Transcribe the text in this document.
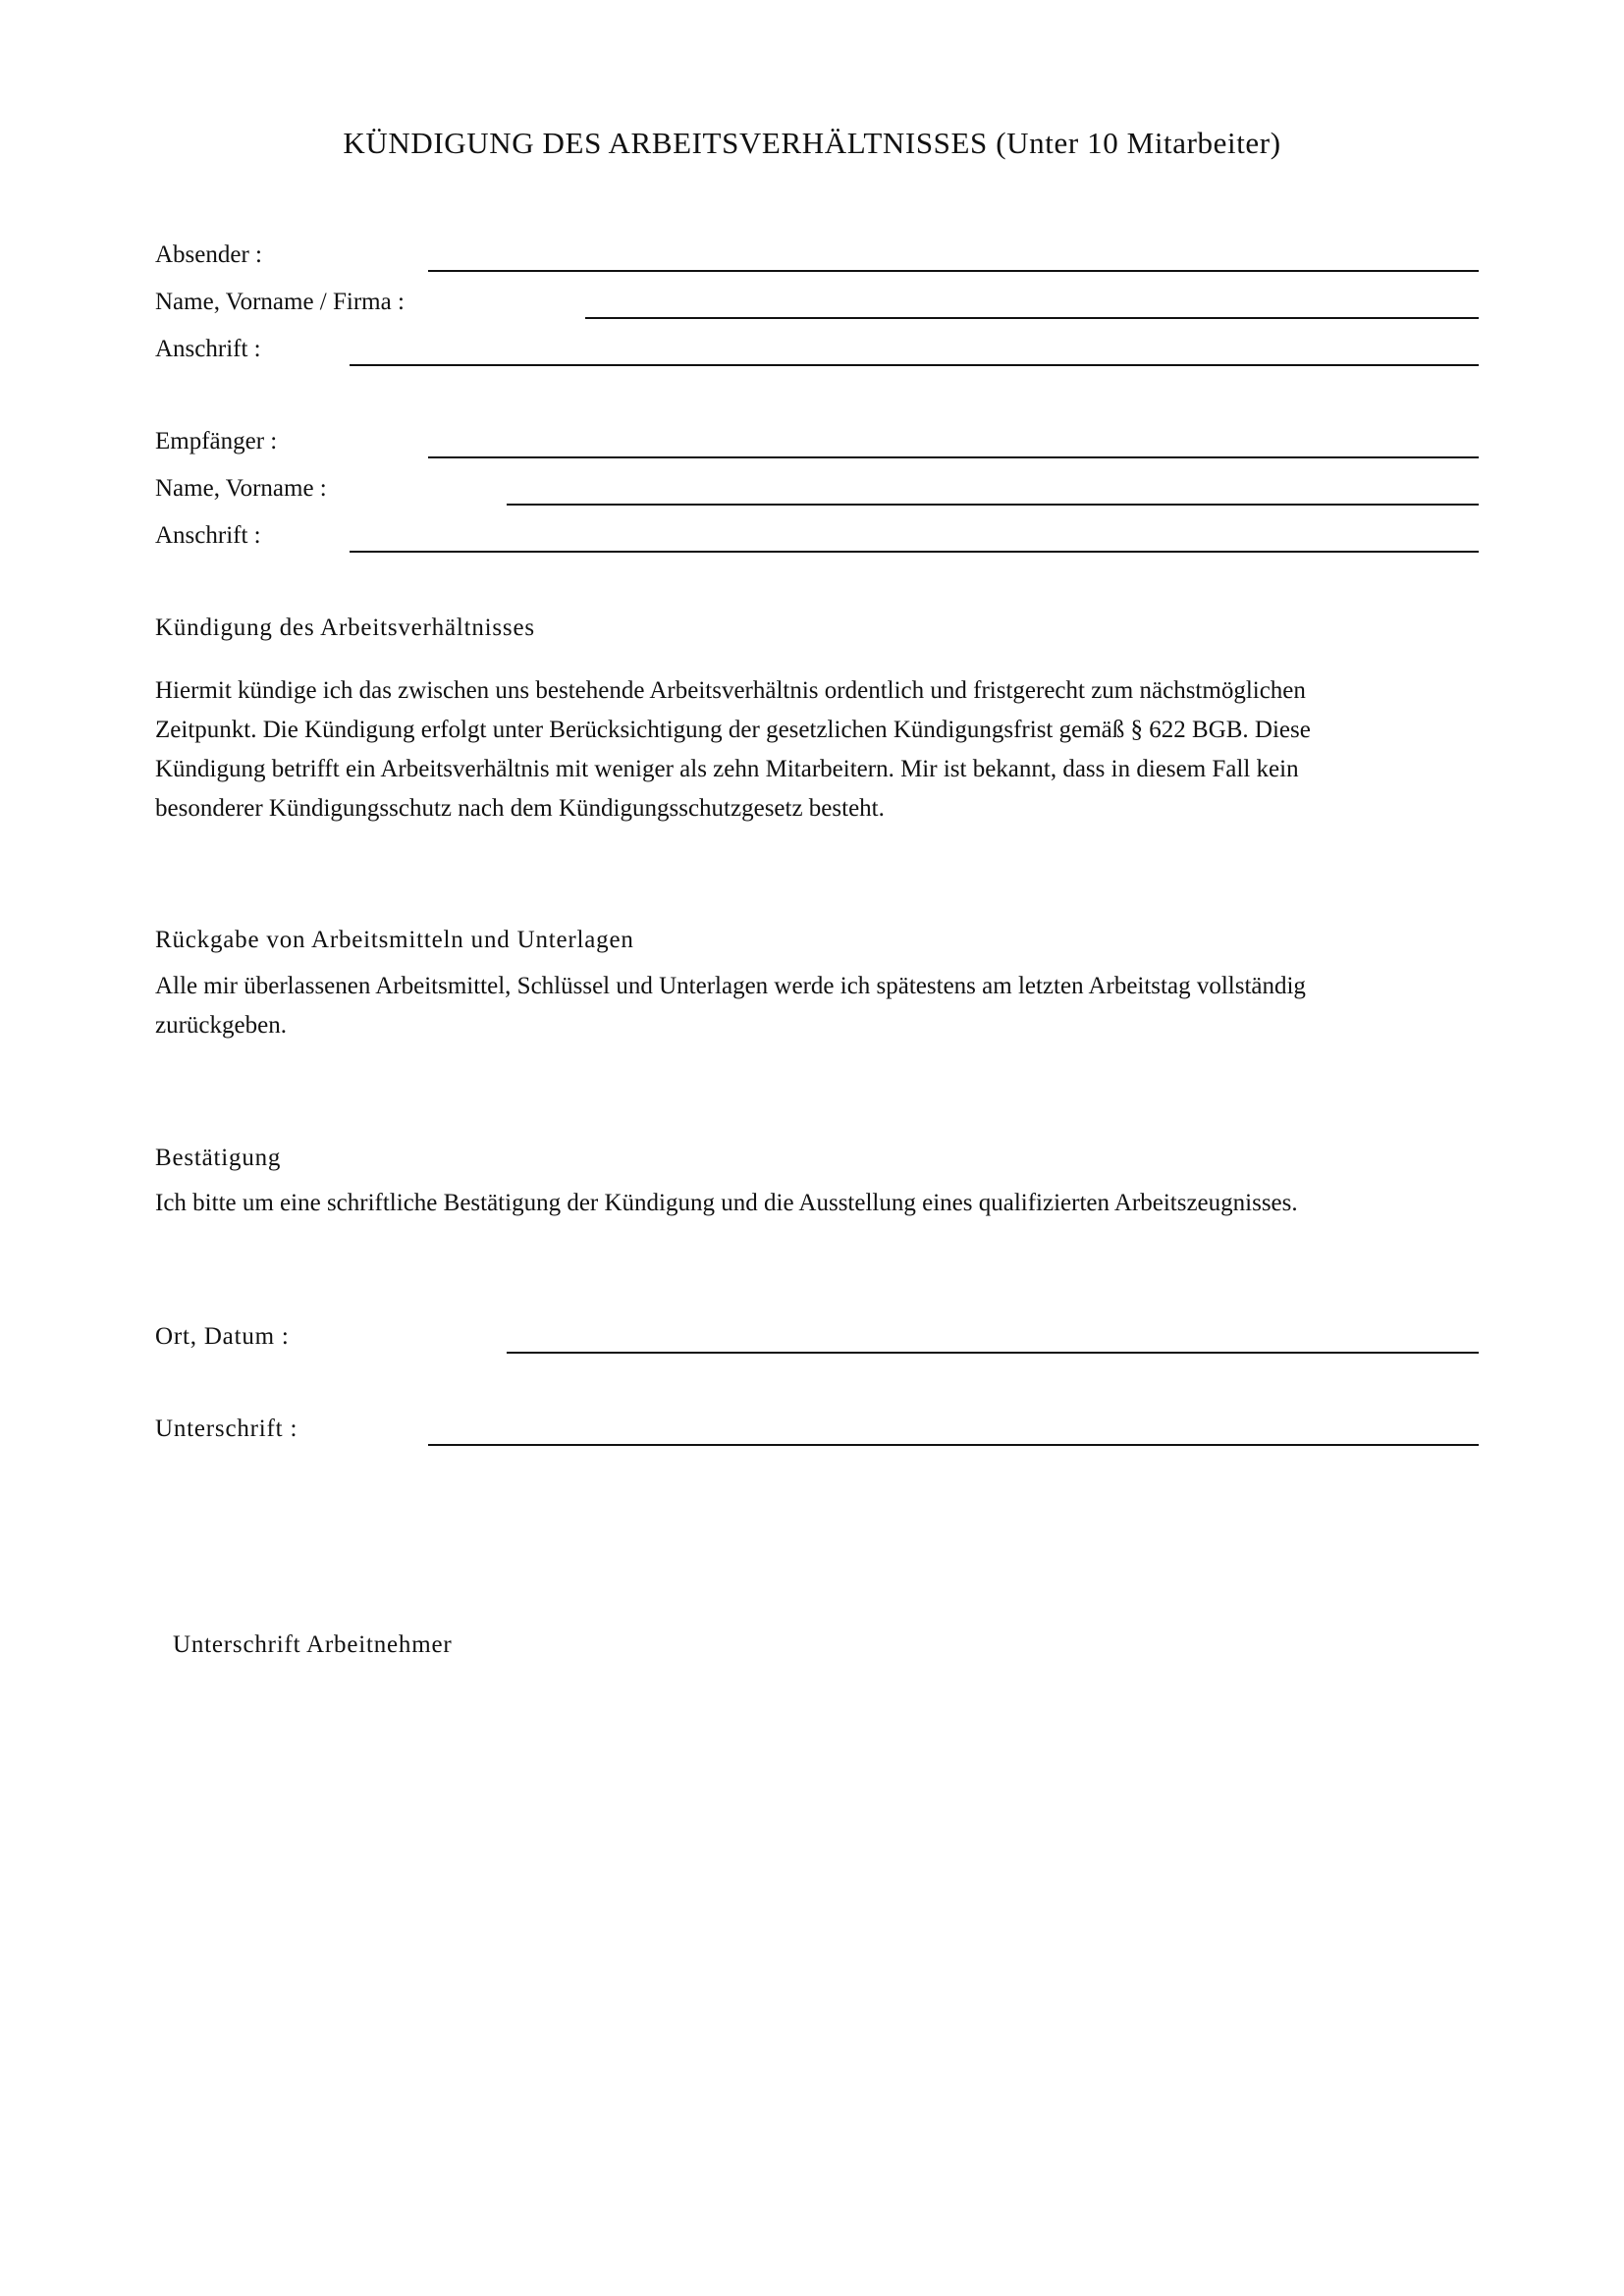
KÜNDIGUNG DES ARBEITSVERHÄLTNISSES (Unter 10 Mitarbeiter)
Absender :
Name, Vorname / Firma :
Anschrift :
Empfänger :
Name, Vorname :
Anschrift :
Kündigung des Arbeitsverhältnisses
Hiermit kündige ich das zwischen uns bestehende Arbeitsverhältnis ordentlich und fristgerecht zum nächstmöglichen
Zeitpunkt. Die Kündigung erfolgt unter Berücksichtigung der gesetzlichen Kündigungsfrist gemäß § 622 BGB. Diese
Kündigung betrifft ein Arbeitsverhältnis mit weniger als zehn Mitarbeitern. Mir ist bekannt, dass in diesem Fall kein
besonderer Kündigungsschutz nach dem Kündigungsschutzgesetz besteht.
Rückgabe von Arbeitsmitteln und Unterlagen
Alle mir überlassenen Arbeitsmittel, Schlüssel und Unterlagen werde ich spätestens am letzten Arbeitstag vollständig
zurückgeben.
Bestätigung
Ich bitte um eine schriftliche Bestätigung der Kündigung und die Ausstellung eines qualifizierten Arbeitszeugnisses.
Ort, Datum :
Unterschrift :
Unterschrift Arbeitnehmer
